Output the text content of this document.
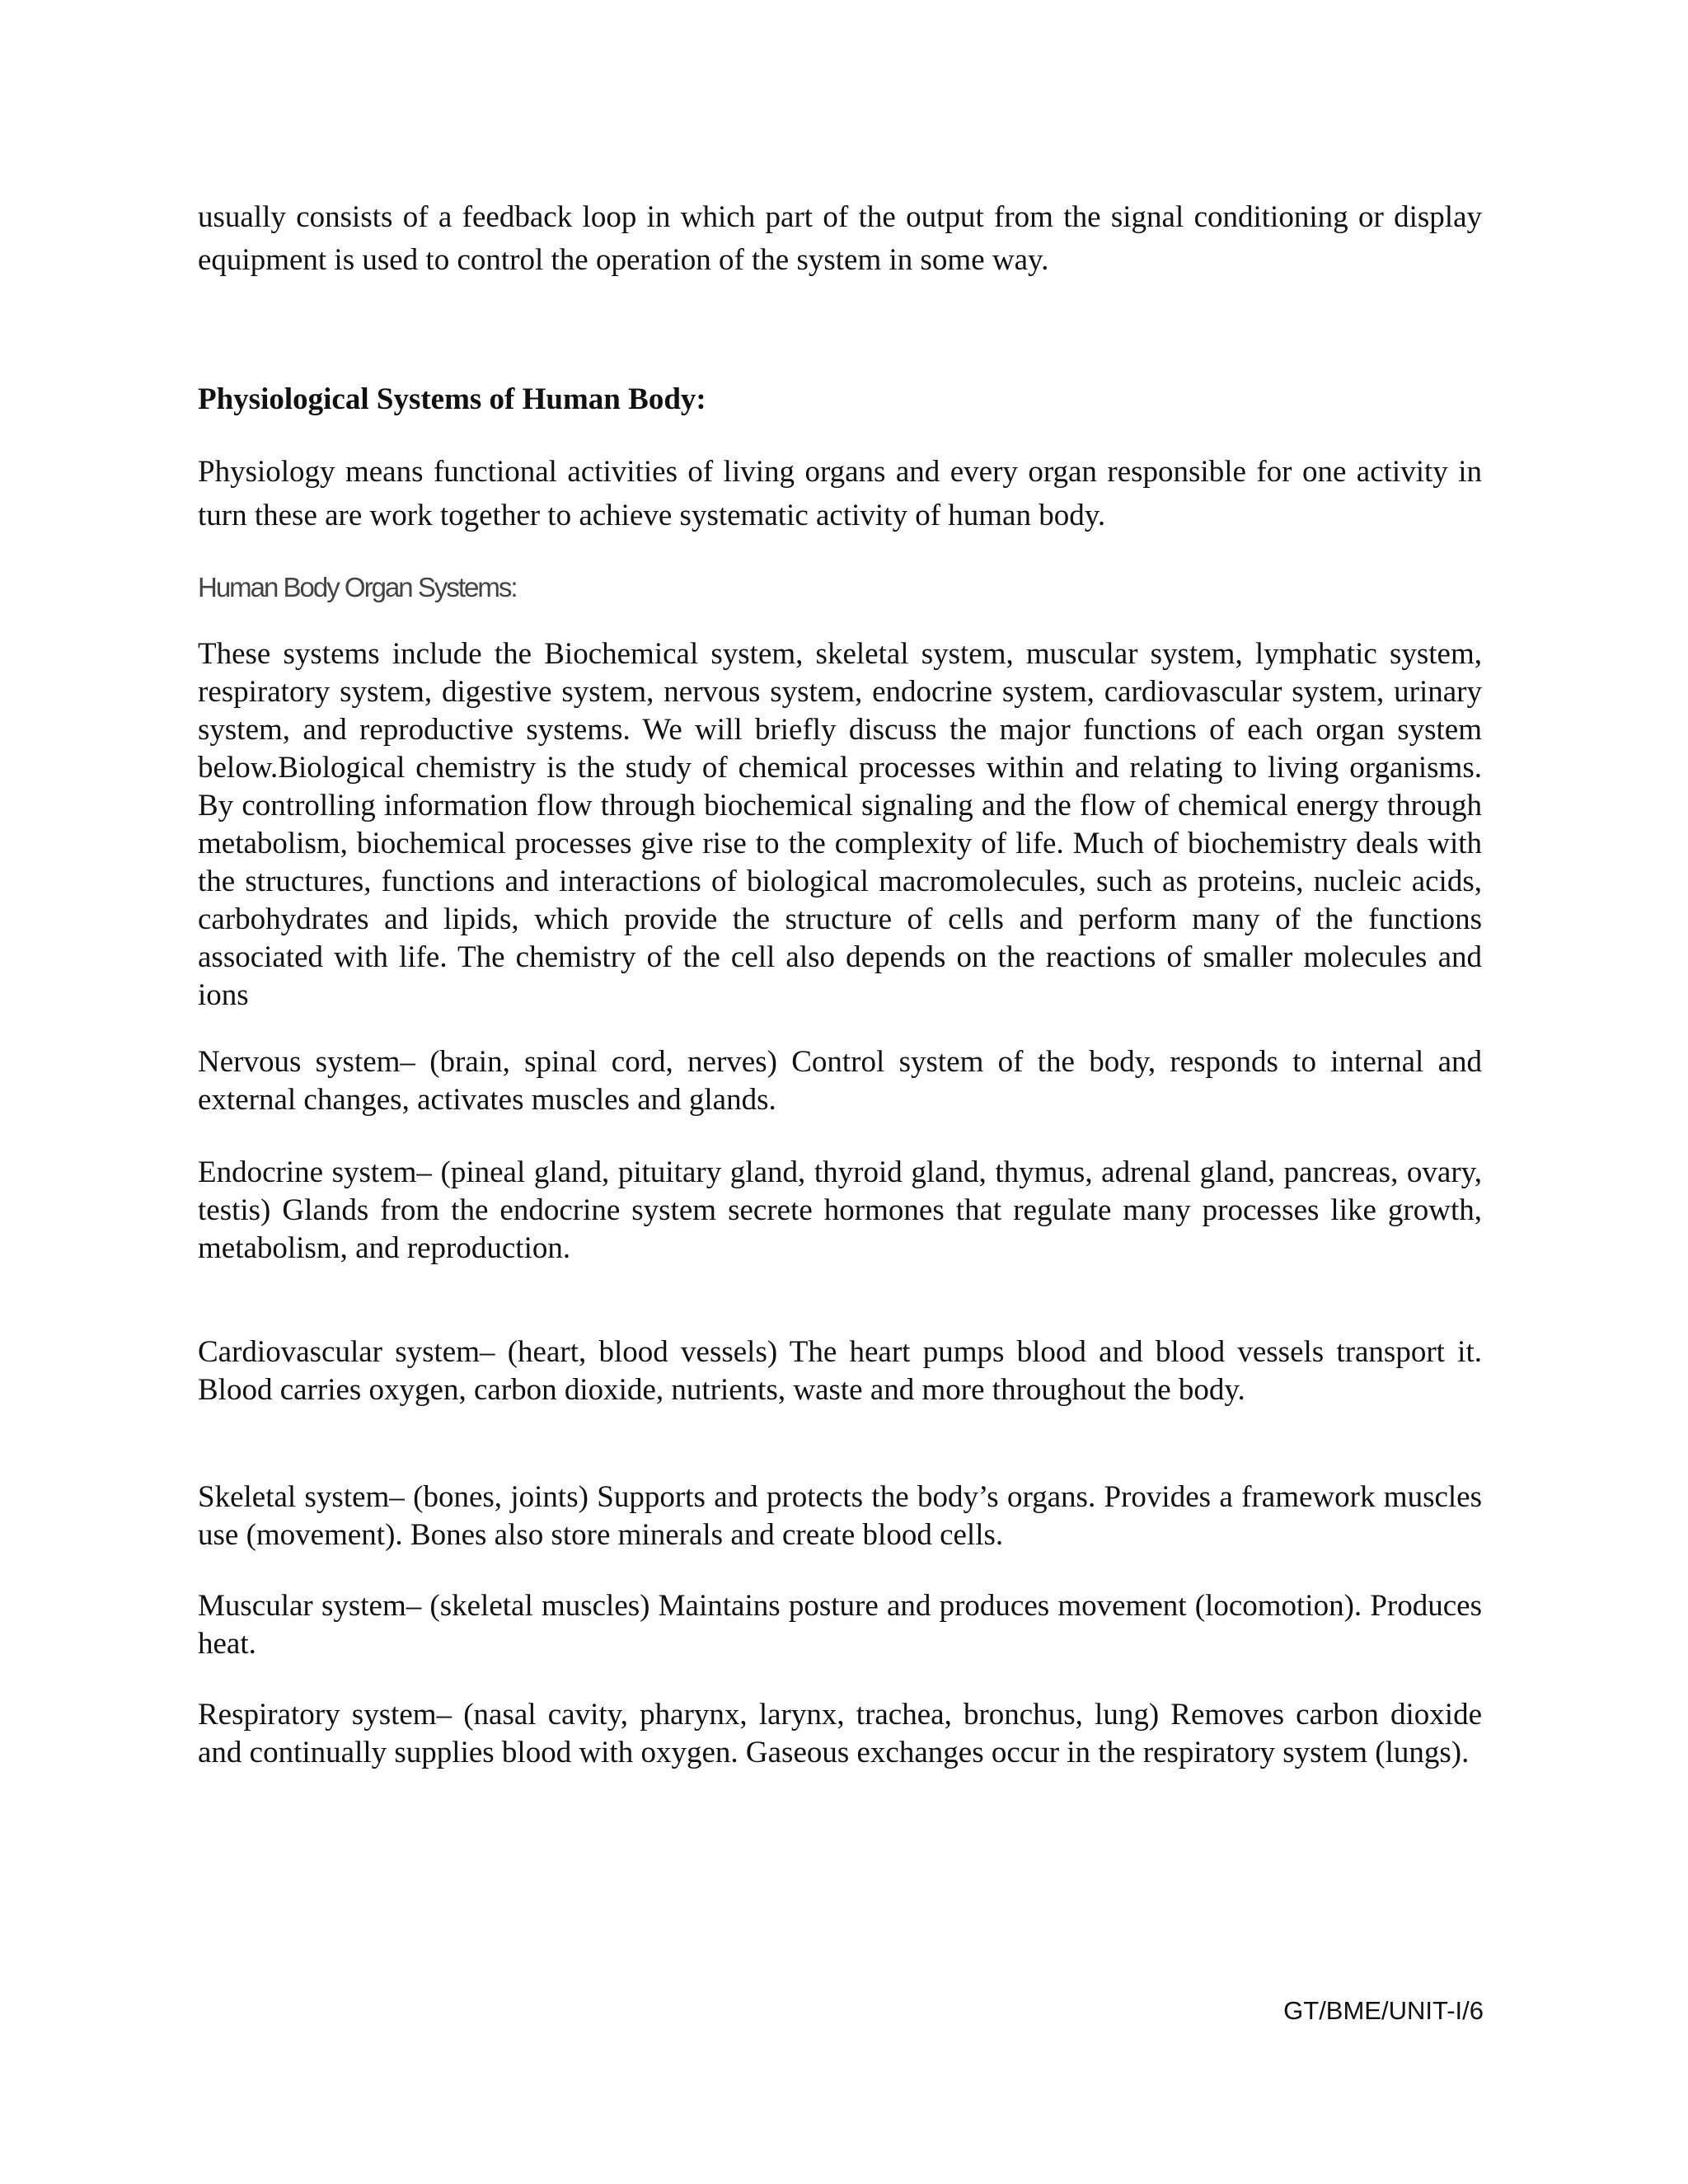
usually consists of a feedback loop in which part of the output from the signal conditioning or display equipment is used to control the operation of the system in some way.

Physiological Systems of Human Body:

Physiology means functional activities of living organs and every organ responsible for one activity in turn these are work together to achieve systematic activity of human body.

Human Body Organ Systems:

These systems include the Biochemical system, skeletal system, muscular system, lymphatic system, respiratory system, digestive system, nervous system, endocrine system, cardiovascular system, urinary system, and reproductive systems. We will briefly discuss the major functions of each organ system below.Biological chemistry is the study of chemical processes within and relating to living organisms. By controlling information flow through biochemical signaling and the flow of chemical energy through metabolism, biochemical processes give rise to the complexity of life. Much of biochemistry deals with the structures, functions and interactions of biological macromolecules, such as proteins, nucleic acids, carbohydrates and lipids, which provide the structure of cells and perform many of the functions associated with life. The chemistry of the cell also depends on the reactions of smaller molecules and ions

Nervous system– (brain, spinal cord, nerves) Control system of the body, responds to internal and external changes, activates muscles and glands.

Endocrine system– (pineal gland, pituitary gland, thyroid gland, thymus, adrenal gland, pancreas, ovary, testis) Glands from the endocrine system secrete hormones that regulate many processes like growth, metabolism, and reproduction.

Cardiovascular system– (heart, blood vessels) The heart pumps blood and blood vessels transport it. Blood carries oxygen, carbon dioxide, nutrients, waste and more throughout the body.

Skeletal system– (bones, joints) Supports and protects the body’s organs. Provides a framework muscles use (movement). Bones also store minerals and create blood cells.

Muscular system– (skeletal muscles) Maintains posture and produces movement (locomotion). Produces heat.

Respiratory system– (nasal cavity, pharynx, larynx, trachea, bronchus, lung) Removes carbon dioxide and continually supplies blood with oxygen. Gaseous exchanges occur in the respiratory system (lungs).

GT/BME/UNIT-I/6
